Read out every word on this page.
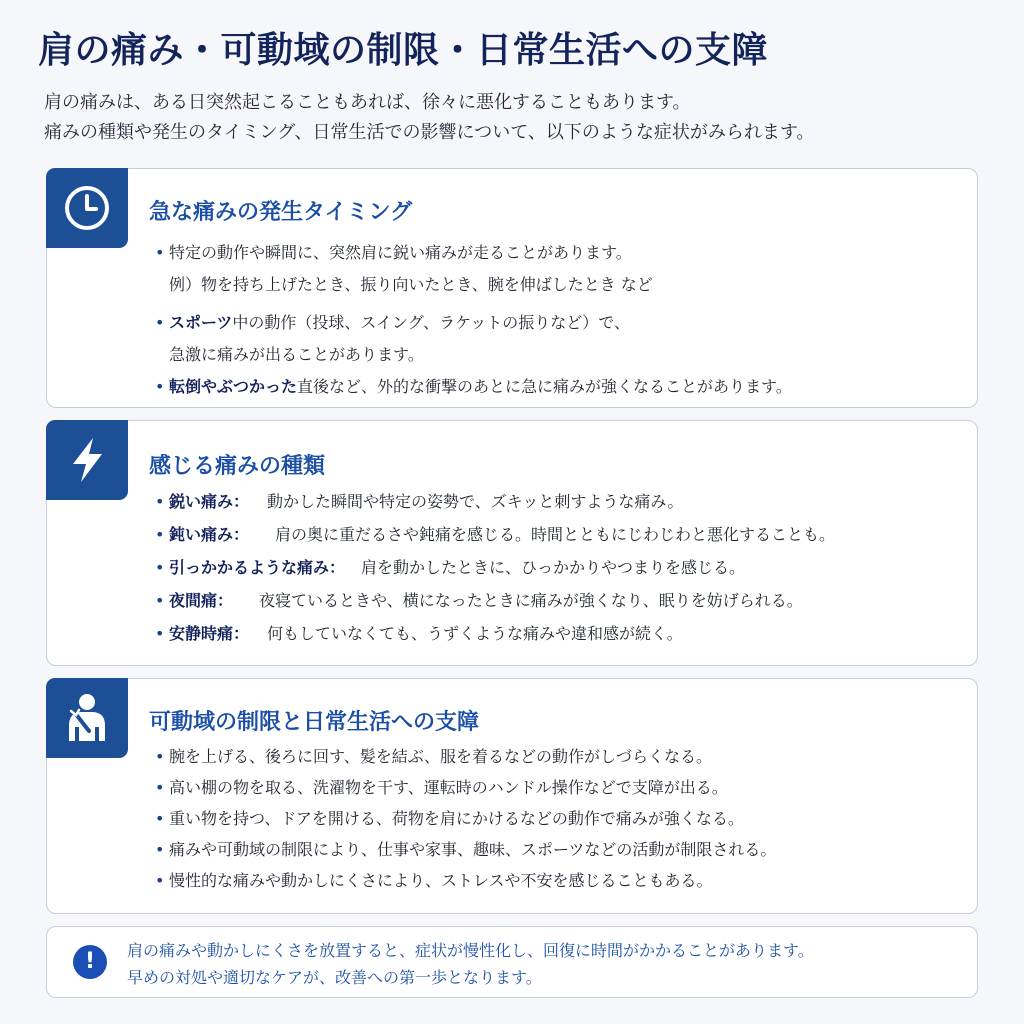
肩の痛み・可動域の制限・日常生活への支障
肩の痛みは、ある日突然起こることもあれば、徐々に悪化することもあります。
痛みの種類や発生のタイミング、日常生活での影響について、以下のような症状がみられます。
急な痛みの発生タイミング
• 特定の動作や瞬間に、突然肩に鋭い痛みが走ることがあります。
例）物を持ち上げたとき、振り向いたとき、腕を伸ばしたとき など
• スポーツ中の動作（投球、スイング、ラケットの振りなど）で、
急激に痛みが出ることがあります。
• 転倒やぶつかった直後など、外的な衝撃のあとに急に痛みが強くなることがあります。
感じる痛みの種類
• 鋭い痛み： 動かした瞬間や特定の姿勢で、ズキッと刺すような痛み。
• 鈍い痛み： 肩の奥に重だるさや鈍痛を感じる。時間とともにじわじわと悪化することも。
• 引っかかるような痛み： 肩を動かしたときに、ひっかかりやつまりを感じる。
• 夜間痛： 夜寝ているときや、横になったときに痛みが強くなり、眠りを妨げられる。
• 安静時痛： 何もしていなくても、うずくような痛みや違和感が続く。
可動域の制限と日常生活への支障
• 腕を上げる、後ろに回す、髪を結ぶ、服を着るなどの動作がしづらくなる。
• 高い棚の物を取る、洗濯物を干す、運転時のハンドル操作などで支障が出る。
• 重い物を持つ、ドアを開ける、荷物を肩にかけるなどの動作で痛みが強くなる。
• 痛みや可動域の制限により、仕事や家事、趣味、スポーツなどの活動が制限される。
• 慢性的な痛みや動かしにくさにより、ストレスや不安を感じることもある。
!	肩の痛みや動かしにくさを放置すると、症状が慢性化し、回復に時間がかかることがあります。
早めの対処や適切なケアが、改善への第一歩となります。
